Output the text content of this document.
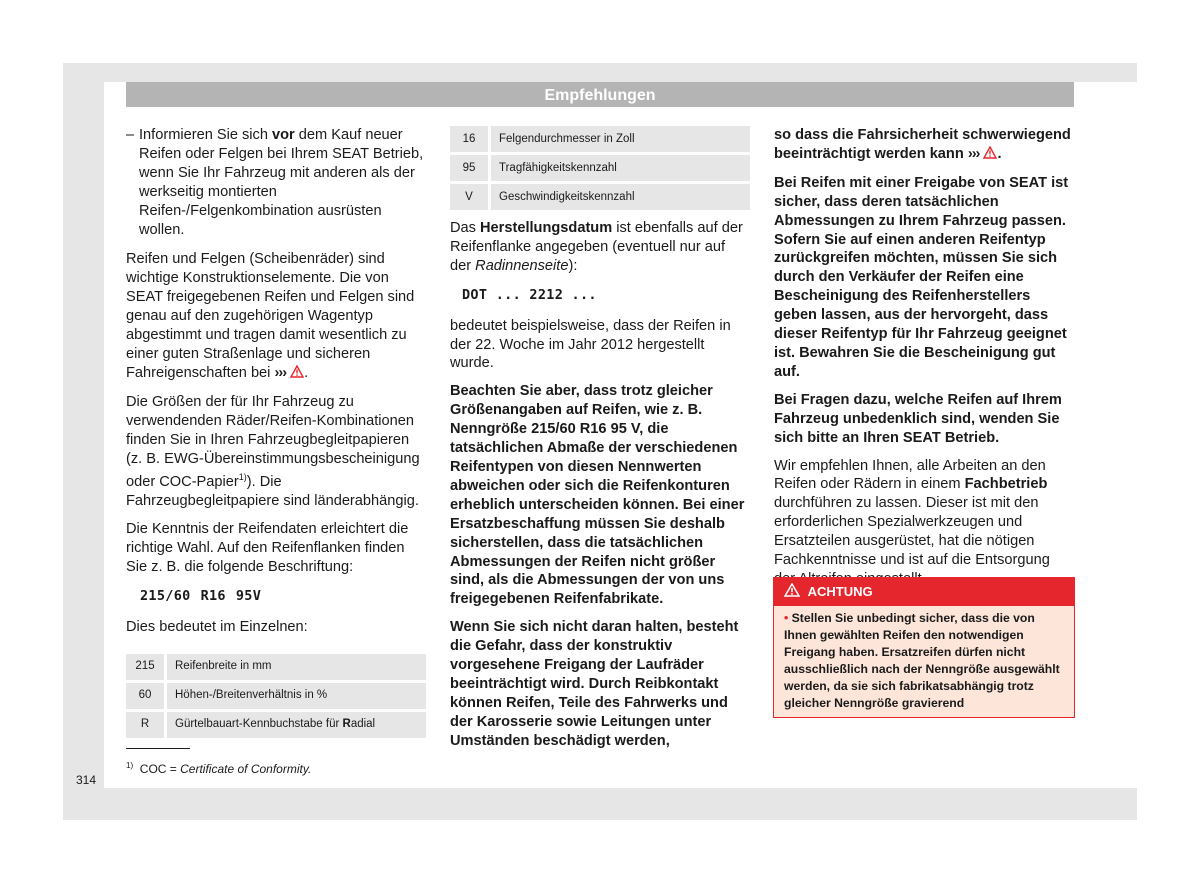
Empfehlungen
– Informieren Sie sich vor dem Kauf neuer Reifen oder Felgen bei Ihrem SEAT Betrieb, wenn Sie Ihr Fahrzeug mit anderen als der werkseitig montierten Reifen-/Felgenkombination ausrüsten wollen.

Reifen und Felgen (Scheibenräder) sind wichtige Konstruktionselemente. Die von SEAT freigegebenen Reifen und Felgen sind genau auf den zugehörigen Wagentyp abgestimmt und tragen damit wesentlich zu einer guten Straßenlage und sicheren Fahreigenschaften bei ››› .

Die Größen der für Ihr Fahrzeug zu verwendenden Räder/Reifen-Kombinationen finden Sie in Ihren Fahrzeugbegleitpapieren (z. B. EWG-Übereinstimmungsbescheinigung oder COC-Papier$^{1)}$). Die Fahrzeugbegleitpapiere sind länderabhängig.

Die Kenntnis der Reifendaten erleichtert die richtige Wahl. Auf den Reifenflanken finden Sie z. B. die folgende Beschriftung:

215/60 R16 95V

Dies bedeutet im Einzelnen:

215	Reifenbreite in mm
60	Höhen-/Breitenverhältnis in %
R	Gürtelbauart-Kennbuchstabe für Radial
16	Felgendurchmesser in Zoll
95	Tragfähigkeitskennzahl
V	Geschwindigkeitskennzahl

Das Herstellungsdatum ist ebenfalls auf der Reifenflanke angegeben (eventuell nur auf der Radinnenseite):

DOT ... 2212 ...

bedeutet beispielsweise, dass der Reifen in der 22. Woche im Jahr 2012 hergestellt wurde.

Beachten Sie aber, dass trotz gleicher Größenangaben auf Reifen, wie z. B. Nenngröße 215/60 R16 95 V, die tatsächlichen Abmaße der verschiedenen Reifentypen von diesen Nennwerten abweichen oder sich die Reifenkonturen erheblich unterscheiden können. Bei einer Ersatzbeschaffung müssen Sie deshalb sicherstellen, dass die tatsächlichen Abmessungen der Reifen nicht größer sind, als die Abmessungen der von uns freigegebenen Reifenfabrikate.

Wenn Sie sich nicht daran halten, besteht die Gefahr, dass der konstruktiv vorgesehene Freigang der Laufräder beeinträchtigt wird. Durch Reibkontakt können Reifen, Teile des Fahrwerks und der Karosserie sowie Leitungen unter Umständen beschädigt werden,

so dass die Fahrsicherheit schwerwiegend beeinträchtigt werden kann ››› .

Bei Reifen mit einer Freigabe von SEAT ist sicher, dass deren tatsächlichen Abmessungen zu Ihrem Fahrzeug passen. Sofern Sie auf einen anderen Reifentyp zurückgreifen möchten, müssen Sie sich durch den Verkäufer der Reifen eine Bescheinigung des Reifenherstellers geben lassen, aus der hervorgeht, dass dieser Reifentyp für Ihr Fahrzeug geeignet ist. Bewahren Sie die Bescheinigung gut auf.

Bei Fragen dazu, welche Reifen auf Ihrem Fahrzeug unbedenklich sind, wenden Sie sich bitte an Ihren SEAT Betrieb.

Wir empfehlen Ihnen, alle Arbeiten an den Reifen oder Rädern in einem Fachbetrieb durchführen zu lassen. Dieser ist mit den erforderlichen Spezialwerkzeugen und Ersatzteilen ausgerüstet, hat die nötigen Fachkenntnisse und ist auf die Entsorgung

ACHTUNG
• Stellen Sie unbedingt sicher, dass die von Ihnen gewählten Reifen den notwendigen Freigang haben. Ersatzreifen dürfen nicht ausschließlich nach der Nenngröße ausgewählt werden, da sie sich fabrikatsabhängig trotz gleicher Nenngröße gravierend
$^{1)}$ COC = Certificate of Conformity.
314
